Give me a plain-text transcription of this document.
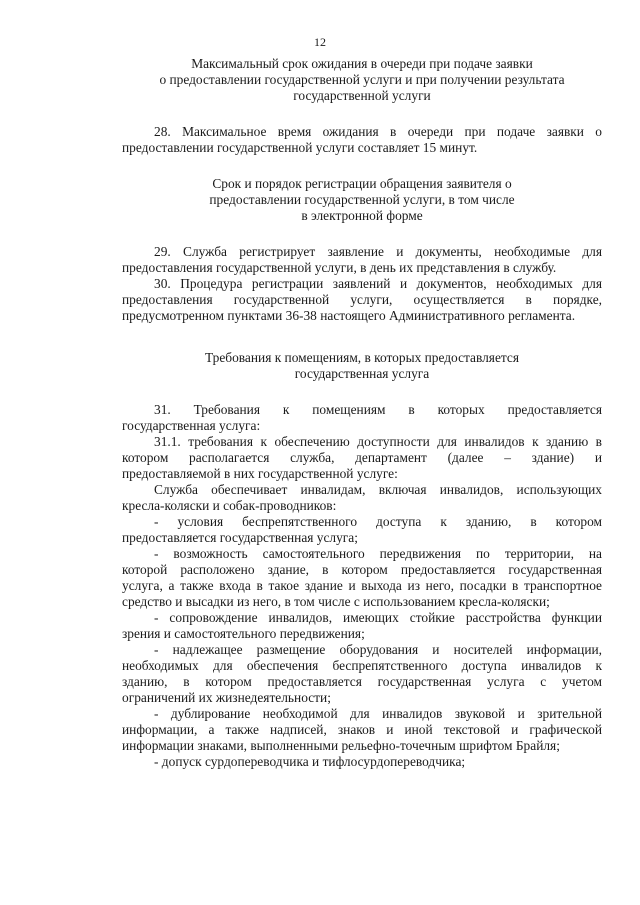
12
Максимальный срок ожидания в очереди при подаче заявки
о предоставлении государственной услуги и при получении результата
государственной услуги
28. Максимальное время ожидания в очереди при подаче заявки о
предоставлении государственной услуги составляет 15 минут.
Срок и порядок регистрации обращения заявителя о
предоставлении государственной услуги, в том числе
в электронной форме
29. Служба регистрирует заявление и документы, необходимые для
предоставления государственной услуги, в день их представления в службу.
30. Процедура регистрации заявлений и документов, необходимых для
предоставления государственной услуги, осуществляется в порядке,
предусмотренном пунктами 36-38 настоящего Административного регламента.
Требования к помещениям, в которых предоставляется
государственная услуга
31. Требования к помещениям в которых предоставляется
государственная услуга:
31.1. требования к обеспечению доступности для инвалидов к зданию в
котором располагается служба, департамент (далее – здание) и
предоставляемой в них государственной услуге:
Служба обеспечивает инвалидам, включая инвалидов, использующих
кресла-коляски и собак-проводников:
- условия беспрепятственного доступа к зданию, в котором
предоставляется государственная услуга;
- возможность самостоятельного передвижения по территории, на
которой расположено здание, в котором предоставляется государственная
услуга, а также входа в такое здание и выхода из него, посадки в транспортное
средство и высадки из него, в том числе с использованием кресла-коляски;
- сопровождение инвалидов, имеющих стойкие расстройства функции
зрения и самостоятельного передвижения;
- надлежащее размещение оборудования и носителей информации,
необходимых для обеспечения беспрепятственного доступа инвалидов к
зданию, в котором предоставляется государственная услуга с учетом
ограничений их жизнедеятельности;
- дублирование необходимой для инвалидов звуковой и зрительной
информации, а также надписей, знаков и иной текстовой и графической
информации знаками, выполненными рельефно-точечным шрифтом Брайля;
- допуск сурдопереводчика и тифлосурдопереводчика;
